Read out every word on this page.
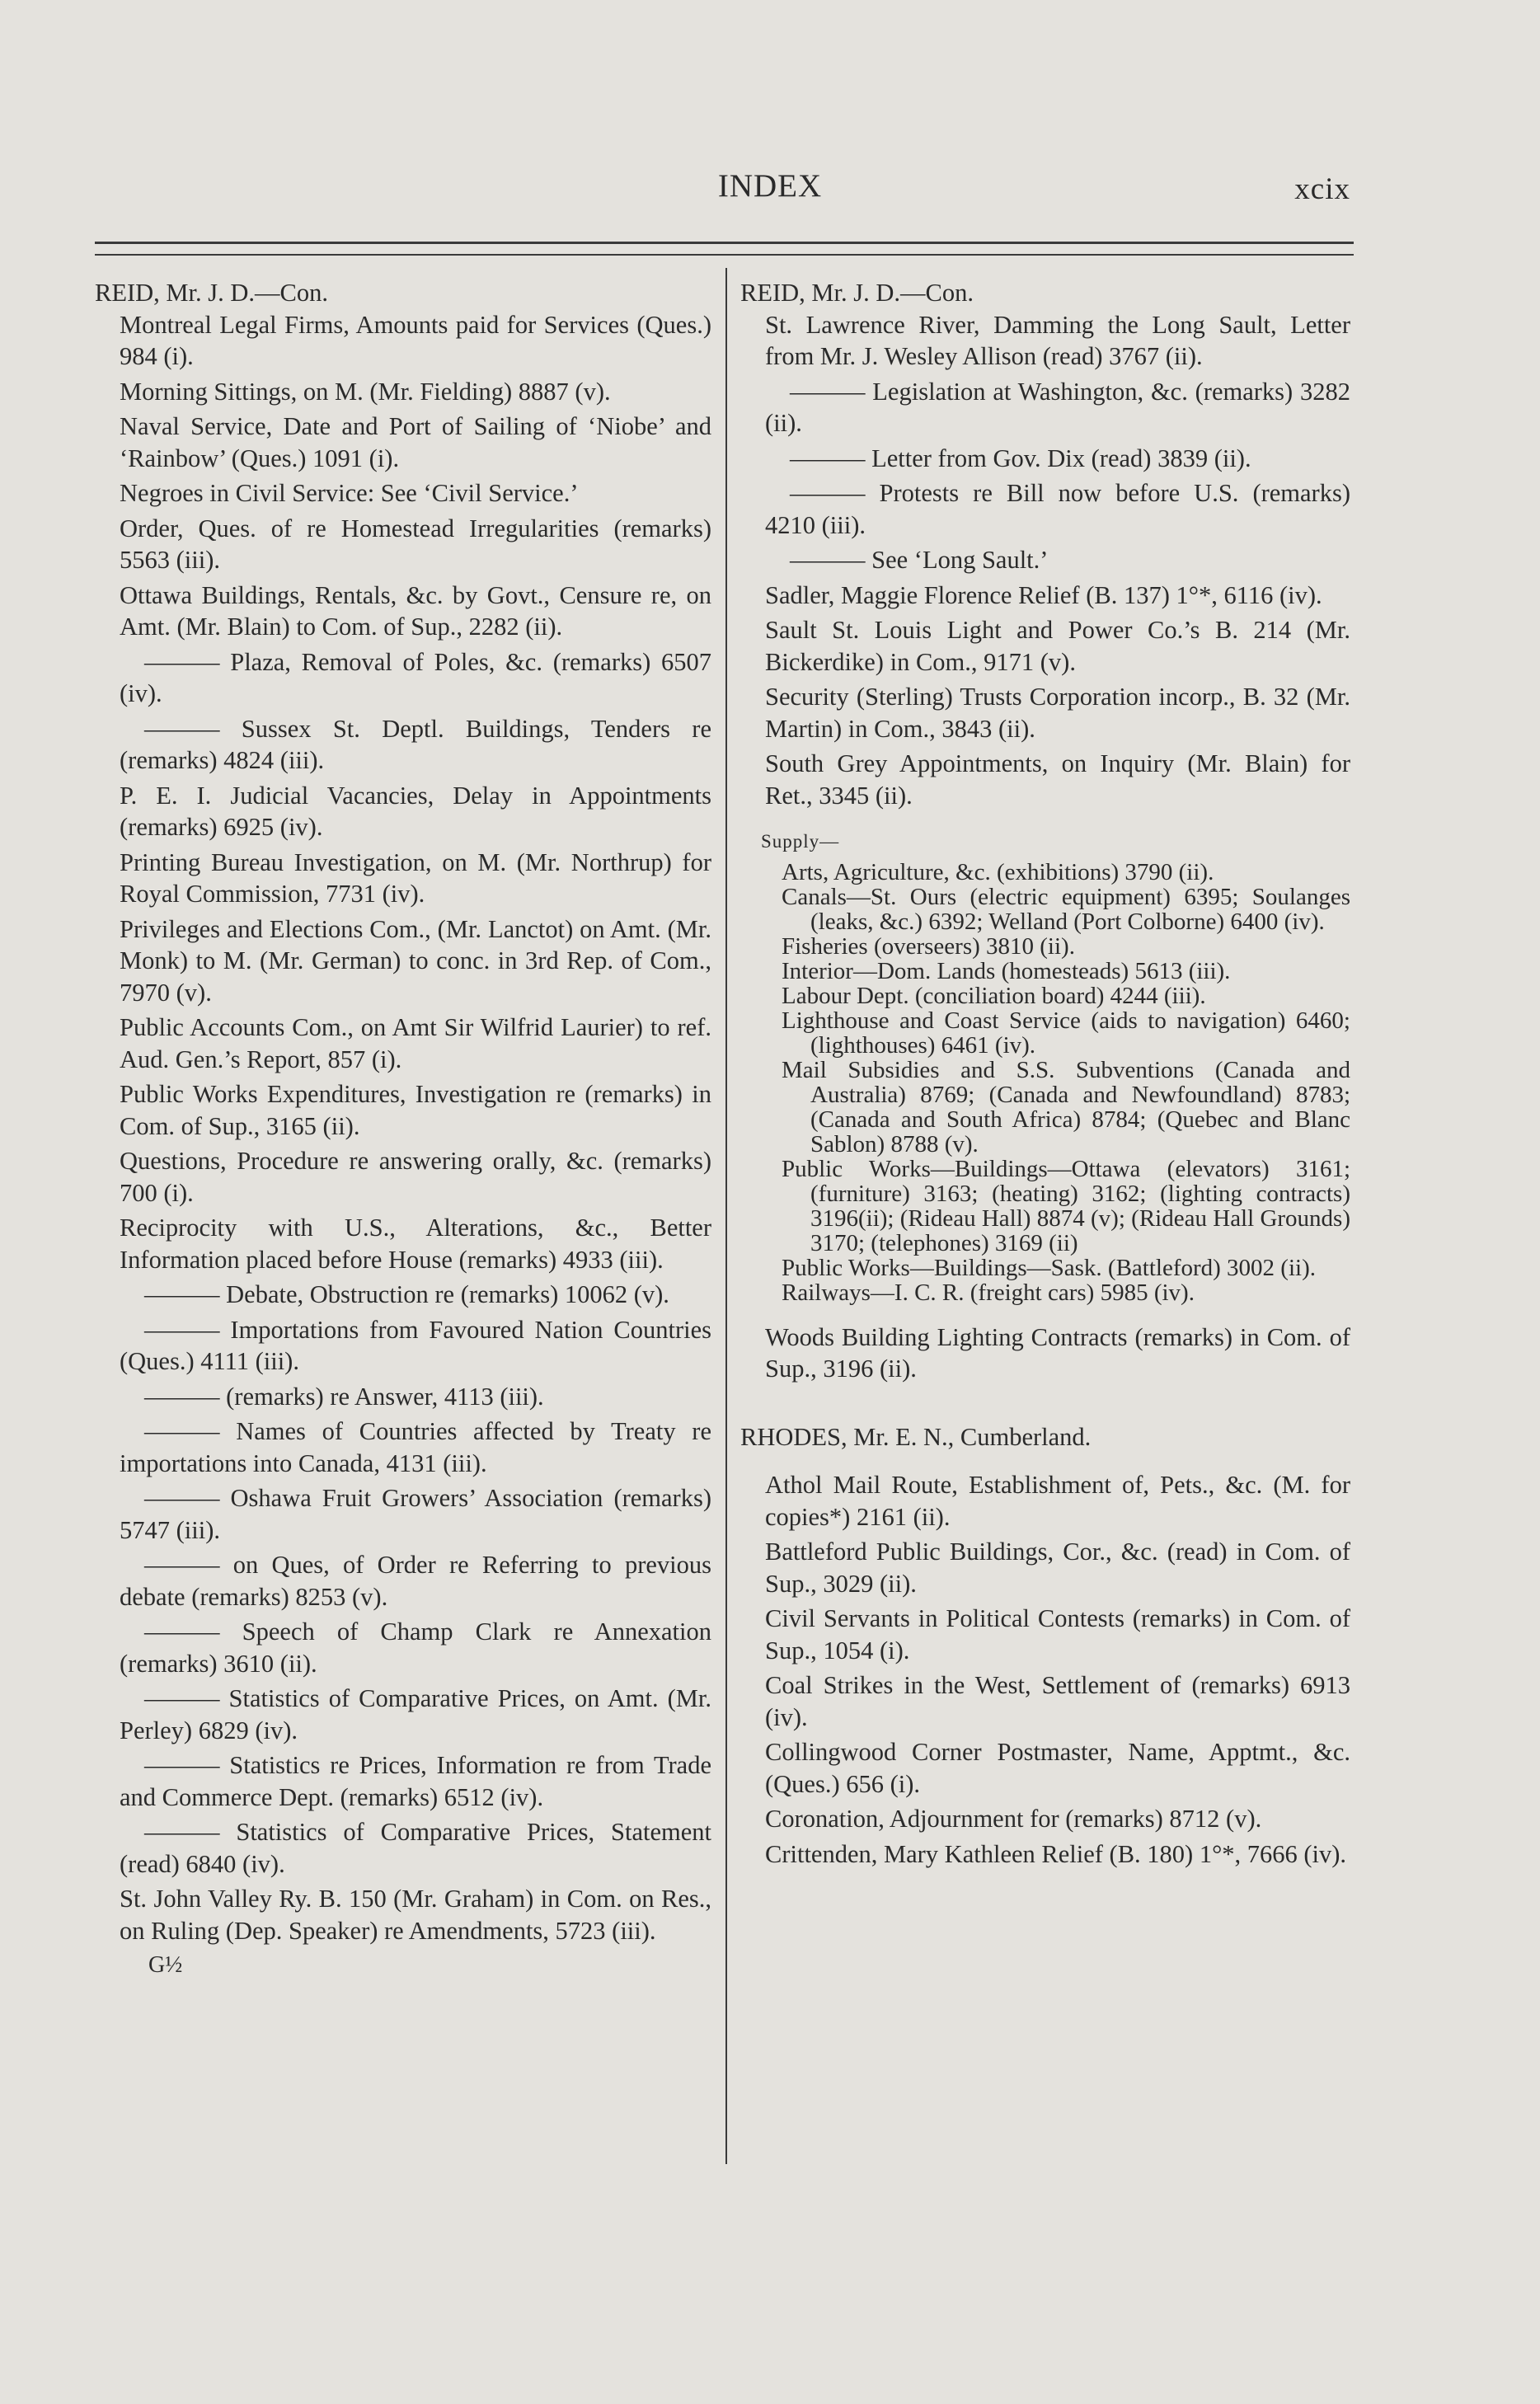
INDEX	xcix

REID, Mr. J. D.—Con.

Montreal Legal Firms, Amounts paid for Services (Ques.) 984 (i).

Morning Sittings, on M. (Mr. Fielding) 8887 (v).

Naval Service, Date and Port of Sailing of ‘Niobe’ and ‘Rainbow’ (Ques.) 1091 (i).

Negroes in Civil Service: See ‘Civil Service.’

Order, Ques. of re Homestead Irregularities (remarks) 5563 (iii).

Ottawa Buildings, Rentals, &c. by Govt., Censure re, on Amt. (Mr. Blain) to Com. of Sup., 2282 (ii).

——— Plaza, Removal of Poles, &c. (remarks) 6507 (iv).

——— Sussex St. Deptl. Buildings, Tenders re (remarks) 4824 (iii).

P. E. I. Judicial Vacancies, Delay in Appointments (remarks) 6925 (iv).

Printing Bureau Investigation, on M. (Mr. Northrup) for Royal Commission, 7731 (iv).

Privileges and Elections Com., (Mr. Lanctot) on Amt. (Mr. Monk) to M. (Mr. German) to conc. in 3rd Rep. of Com., 7970 (v).

Public Accounts Com., on Amt Sir Wilfrid Laurier) to ref. Aud. Gen.’s Report, 857 (i).

Public Works Expenditures, Investigation re (remarks) in Com. of Sup., 3165 (ii).

Questions, Procedure re answering orally, &c. (remarks) 700 (i).

Reciprocity with U.S., Alterations, &c., Better Information placed before House (remarks) 4933 (iii).

——— Debate, Obstruction re (remarks) 10062 (v).

——— Importations from Favoured Nation Countries (Ques.) 4111 (iii).

——— (remarks) re Answer, 4113 (iii).

——— Names of Countries affected by Treaty re importations into Canada, 4131 (iii).

——— Oshawa Fruit Growers’ Association (remarks) 5747 (iii).

——— on Ques, of Order re Referring to previous debate (remarks) 8253 (v).

——— Speech of Champ Clark re Annexation (remarks) 3610 (ii).

——— Statistics of Comparative Prices, on Amt. (Mr. Perley) 6829 (iv).

——— Statistics re Prices, Information re from Trade and Commerce Dept. (remarks) 6512 (iv).

——— Statistics of Comparative Prices, Statement (read) 6840 (iv).

St. John Valley Ry. B. 150 (Mr. Graham) in Com. on Res., on Ruling (Dep. Speaker) re Amendments, 5723 (iii).

G½

REID, Mr. J. D.—Con.

St. Lawrence River, Damming the Long Sault, Letter from Mr. J. Wesley Allison (read) 3767 (ii).

——— Legislation at Washington, &c. (remarks) 3282 (ii).

——— Letter from Gov. Dix (read) 3839 (ii).

——— Protests re Bill now before U.S. (remarks) 4210 (iii).

——— See ‘Long Sault.’

Sadler, Maggie Florence Relief (B. 137) 1°*, 6116 (iv).

Sault St. Louis Light and Power Co.’s B. 214 (Mr. Bickerdike) in Com., 9171 (v).

Security (Sterling) Trusts Corporation incorp., B. 32 (Mr. Martin) in Com., 3843 (ii).

South Grey Appointments, on Inquiry (Mr. Blain) for Ret., 3345 (ii).

Supply—

Arts, Agriculture, &c. (exhibitions) 3790 (ii).

Canals—St. Ours (electric equipment) 6395; Soulanges (leaks, &c.) 6392; Welland (Port Colborne) 6400 (iv).

Fisheries (overseers) 3810 (ii).

Interior—Dom. Lands (homesteads) 5613 (iii).

Labour Dept. (conciliation board) 4244 (iii).

Lighthouse and Coast Service (aids to navigation) 6460; (lighthouses) 6461 (iv).

Mail Subsidies and S.S. Subventions (Canada and Australia) 8769; (Canada and Newfoundland) 8783; (Canada and South Africa) 8784; (Quebec and Blanc Sablon) 8788 (v).

Public Works—Buildings—Ottawa (elevators) 3161; (furniture) 3163; (heating) 3162; (lighting contracts) 3196(ii); (Rideau Hall) 8874 (v); (Rideau Hall Grounds) 3170; (telephones) 3169 (ii)

Public Works—Buildings—Sask. (Battleford) 3002 (ii).

Railways—I. C. R. (freight cars) 5985 (iv).

Woods Building Lighting Contracts (remarks) in Com. of Sup., 3196 (ii).

RHODES, Mr. E. N., Cumberland.

Athol Mail Route, Establishment of, Pets., &c. (M. for copies*) 2161 (ii).

Battleford Public Buildings, Cor., &c. (read) in Com. of Sup., 3029 (ii).

Civil Servants in Political Contests (remarks) in Com. of Sup., 1054 (i).

Coal Strikes in the West, Settlement of (remarks) 6913 (iv).

Collingwood Corner Postmaster, Name, Apptmt., &c. (Ques.) 656 (i).

Coronation, Adjournment for (remarks) 8712 (v).

Crittenden, Mary Kathleen Relief (B. 180) 1°*, 7666 (iv).
